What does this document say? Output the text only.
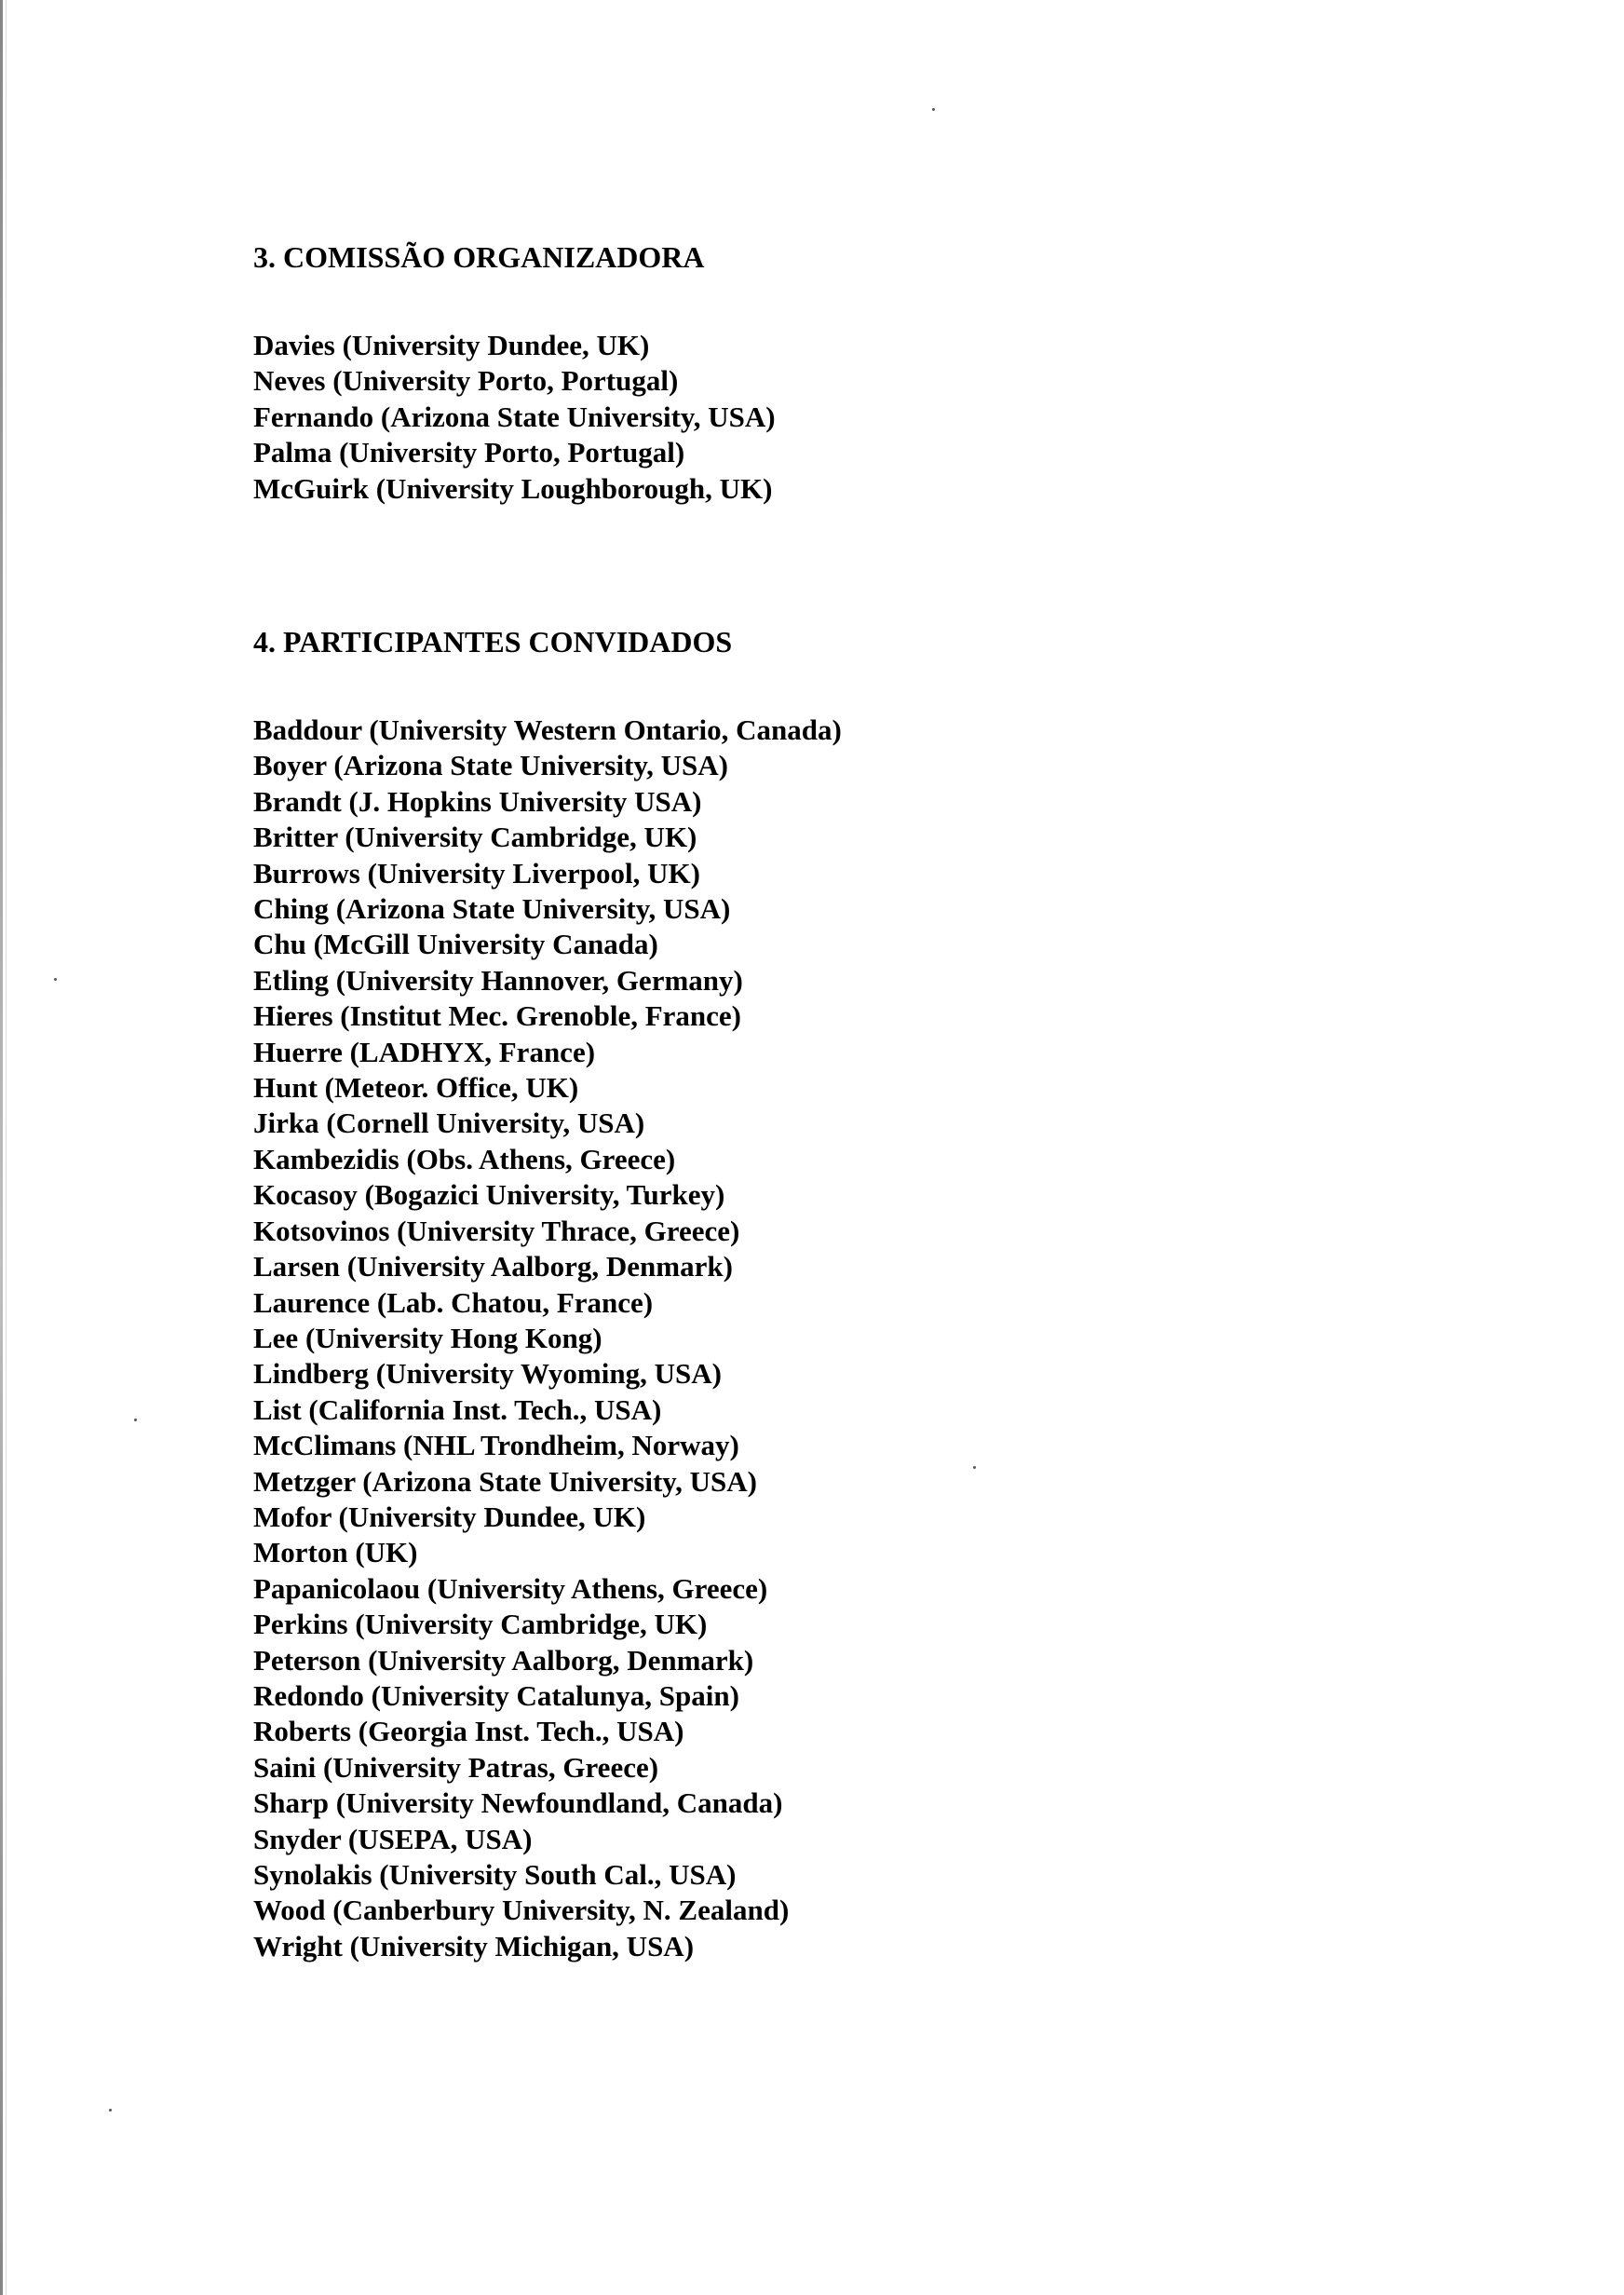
3. COMISSÃO ORGANIZADORA
Davies (University Dundee, UK)
Neves (University Porto, Portugal)
Fernando (Arizona State University, USA)
Palma (University Porto, Portugal)
McGuirk (University Loughborough, UK)
4. PARTICIPANTES CONVIDADOS
Baddour (University Western Ontario, Canada)
Boyer (Arizona State University, USA)
Brandt (J. Hopkins University USA)
Britter (University Cambridge, UK)
Burrows (University Liverpool, UK)
Ching (Arizona State University, USA)
Chu (McGill University Canada)
Etling (University Hannover, Germany)
Hieres (Institut Mec. Grenoble, France)
Huerre (LADHYX, France)
Hunt (Meteor. Office, UK)
Jirka (Cornell University, USA)
Kambezidis (Obs. Athens, Greece)
Kocasoy (Bogazici University, Turkey)
Kotsovinos (University Thrace, Greece)
Larsen (University Aalborg, Denmark)
Laurence (Lab. Chatou, France)
Lee (University Hong Kong)
Lindberg (University Wyoming, USA)
List (California Inst. Tech., USA)
McClimans (NHL Trondheim, Norway)
Metzger (Arizona State University, USA)
Mofor (University Dundee, UK)
Morton (UK)
Papanicolaou (University Athens, Greece)
Perkins (University Cambridge, UK)
Peterson (University Aalborg, Denmark)
Redondo (University Catalunya, Spain)
Roberts (Georgia Inst. Tech., USA)
Saini (University Patras, Greece)
Sharp (University Newfoundland, Canada)
Snyder (USEPA, USA)
Synolakis (University South Cal., USA)
Wood (Canberbury University, N. Zealand)
Wright (University Michigan, USA)
